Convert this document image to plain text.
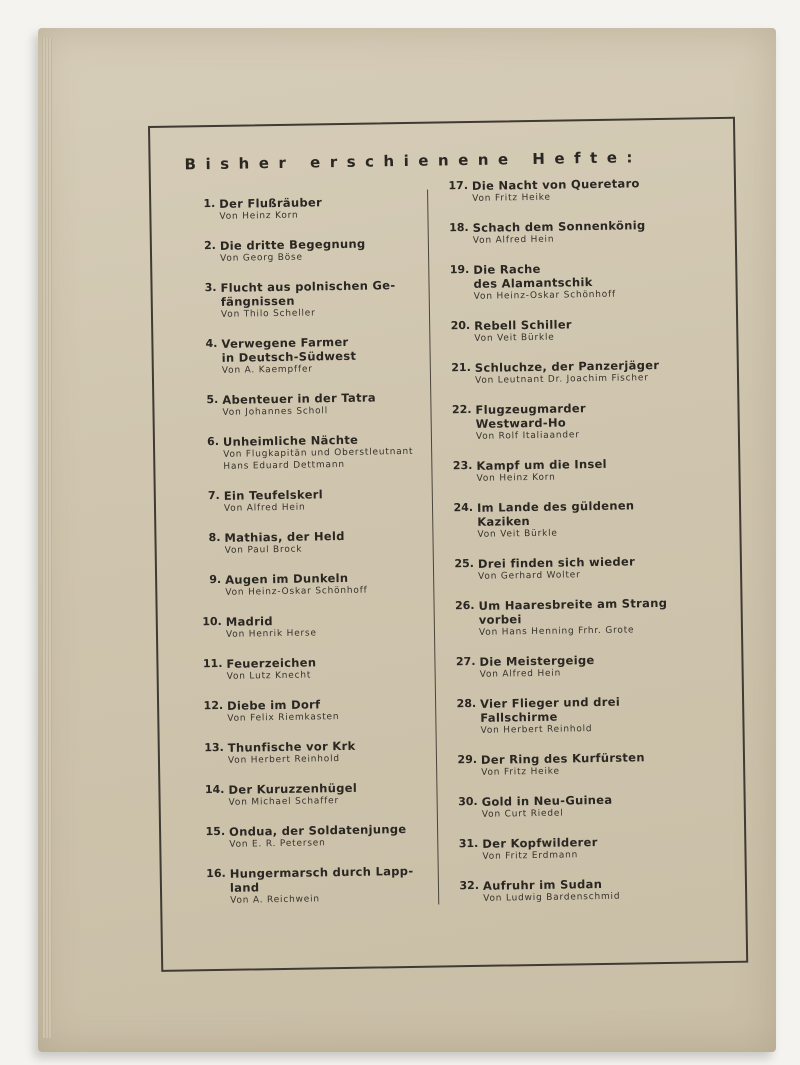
Bisher erschienene Hefte:
1. Der Flußräuber
Von Heinz Korn
2. Die dritte Begegnung
Von Georg Böse
3. Flucht aus polnischen Ge-
fängnissen
Von Thilo Scheller
4. Verwegene Farmer
in Deutsch-Südwest
Von A. Kaempffer
5. Abenteuer in der Tatra
Von Johannes Scholl
6. Unheimliche Nächte
Von Flugkapitän und Oberstleutnant
Hans Eduard Dettmann
7. Ein Teufelskerl
Von Alfred Hein
8. Mathias, der Held
Von Paul Brock
9. Augen im Dunkeln
Von Heinz-Oskar Schönhoff
10. Madrid
Von Henrik Herse
11. Feuerzeichen
Von Lutz Knecht
12. Diebe im Dorf
Von Felix Riemkasten
13. Thunfische vor Krk
Von Herbert Reinhold
14. Der Kuruzzenhügel
Von Michael Schaffer
15. Ondua, der Soldatenjunge
Von E. R. Petersen
16. Hungermarsch durch Lapp-
land
Von A. Reichwein
17. Die Nacht von Queretaro
Von Fritz Heike
18. Schach dem Sonnenkönig
Von Alfred Hein
19. Die Rache
des Alamantschik
Von Heinz-Oskar Schönhoff
20. Rebell Schiller
Von Veit Bürkle
21. Schluchze, der Panzerjäger
Von Leutnant Dr. Joachim Fischer
22. Flugzeugmarder
Westward-Ho
Von Rolf Italiaander
23. Kampf um die Insel
Von Heinz Korn
24. Im Lande des güldenen
Kaziken
Von Veit Bürkle
25. Drei finden sich wieder
Von Gerhard Wolter
26. Um Haaresbreite am Strang
vorbei
Von Hans Henning Frhr. Grote
27. Die Meistergeige
Von Alfred Hein
28. Vier Flieger und drei
Fallschirme
Von Herbert Reinhold
29. Der Ring des Kurfürsten
Von Fritz Heike
30. Gold in Neu-Guinea
Von Curt Riedel
31. Der Kopfwilderer
Von Fritz Erdmann
32. Aufruhr im Sudan
Von Ludwig Bardenschmid
